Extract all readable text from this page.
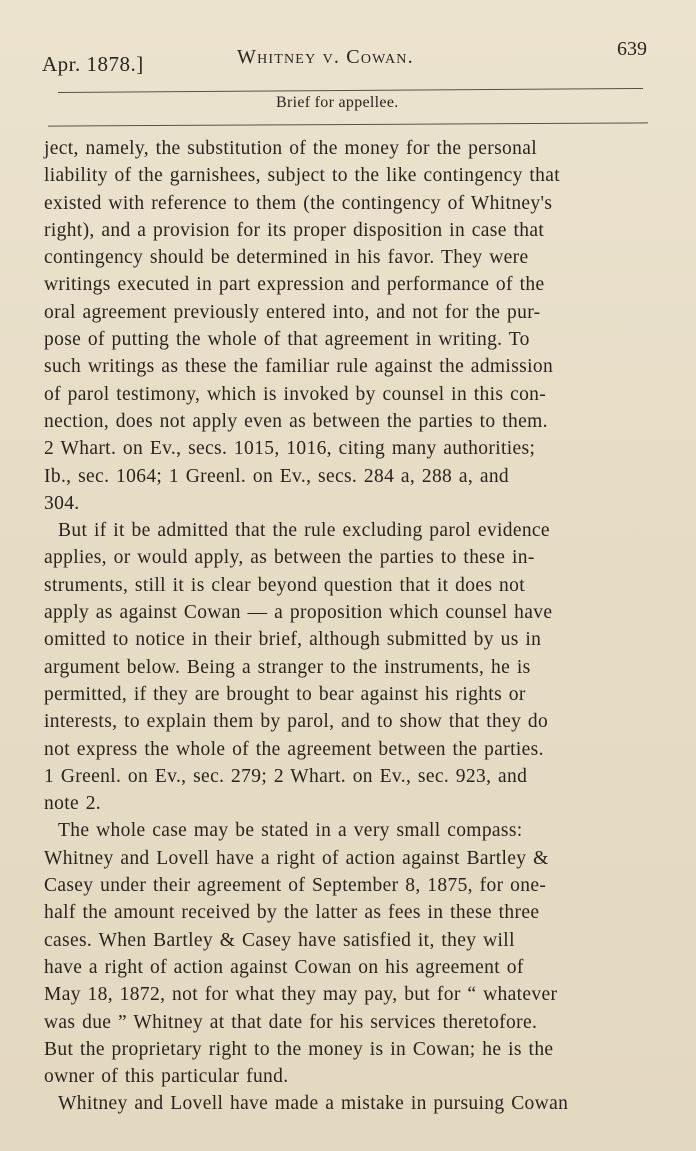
Apr. 1878.]	Whitney v. Cowan.	639
Brief for appellee.
ject, namely, the substitution of the money for the personal
liability of the garnishees, subject to the like contingency that
existed with reference to them (the contingency of Whitney's
right), and a provision for its proper disposition in case that
contingency should be determined in his favor. They were
writings executed in part expression and performance of the
oral agreement previously entered into, and not for the pur-
pose of putting the whole of that agreement in writing. To
such writings as these the familiar rule against the admission
of parol testimony, which is invoked by counsel in this con-
nection, does not apply even as between the parties to them.
2 Whart. on Ev., secs. 1015, 1016, citing many authorities;
Ib., sec. 1064; 1 Greenl. on Ev., secs. 284 a, 288 a, and
304.
But if it be admitted that the rule excluding parol evidence
applies, or would apply, as between the parties to these in-
struments, still it is clear beyond question that it does not
apply as against Cowan — a proposition which counsel have
omitted to notice in their brief, although submitted by us in
argument below. Being a stranger to the instruments, he is
permitted, if they are brought to bear against his rights or
interests, to explain them by parol, and to show that they do
not express the whole of the agreement between the parties.
1 Greenl. on Ev., sec. 279; 2 Whart. on Ev., sec. 923, and
note 2.
The whole case may be stated in a very small compass:
Whitney and Lovell have a right of action against Bartley &
Casey under their agreement of September 8, 1875, for one-
half the amount received by the latter as fees in these three
cases. When Bartley & Casey have satisfied it, they will
have a right of action against Cowan on his agreement of
May 18, 1872, not for what they may pay, but for “ whatever
was due ” Whitney at that date for his services theretofore.
But the proprietary right to the money is in Cowan; he is the
owner of this particular fund.
Whitney and Lovell have made a mistake in pursuing Cowan
